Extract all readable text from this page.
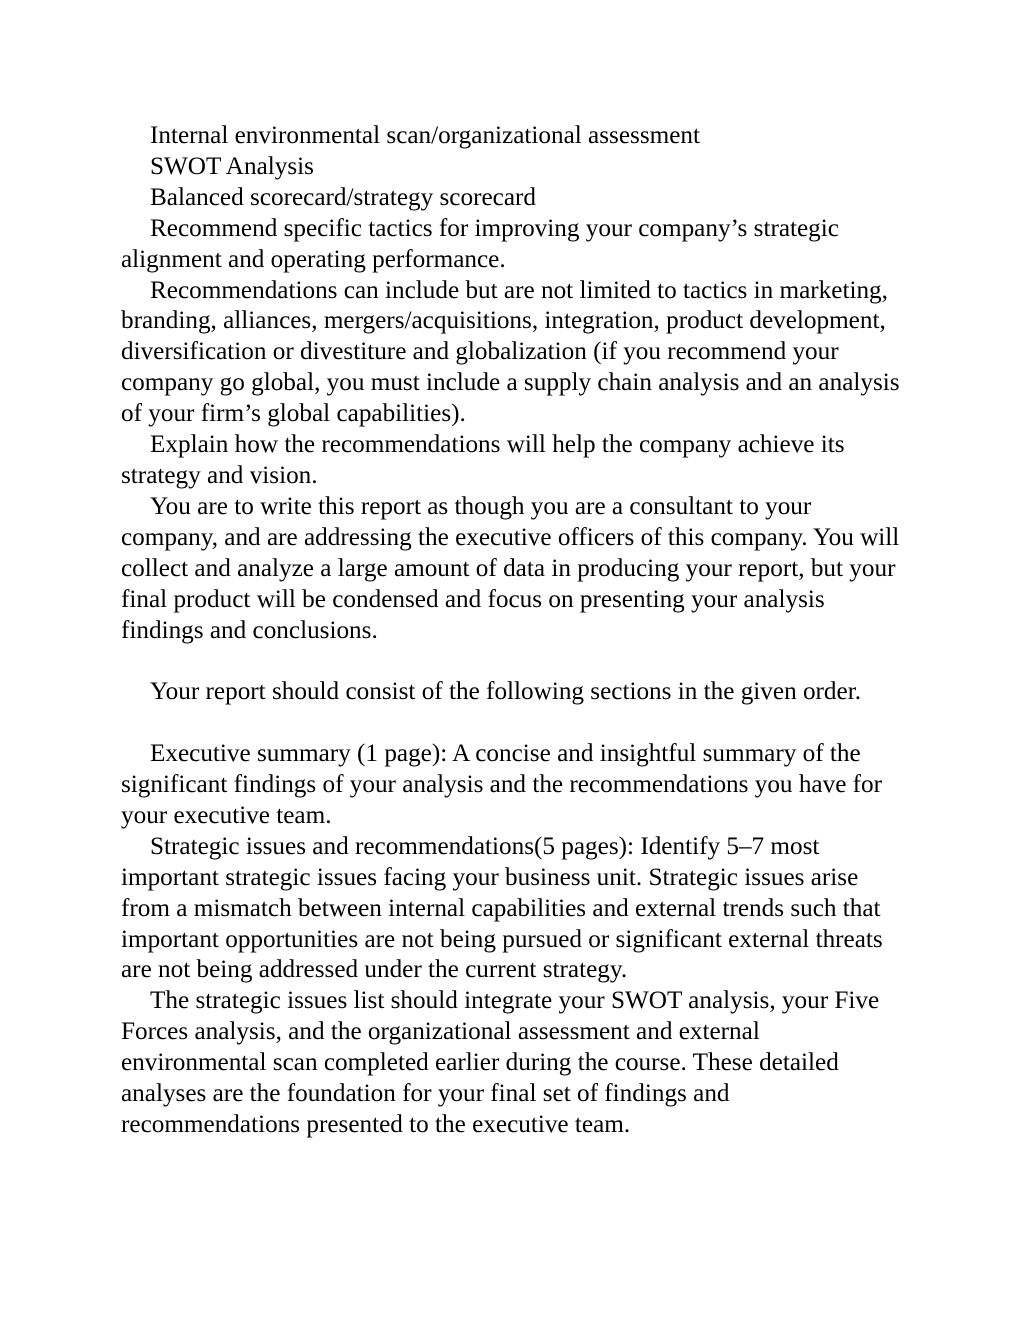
Internal environmental scan/organizational assessment

SWOT Analysis

Balanced scorecard/strategy scorecard

Recommend specific tactics for improving your company’s strategic alignment and operating performance.

Recommendations can include but are not limited to tactics in marketing, branding, alliances, mergers/acquisitions, integration, product development, diversification or divestiture and globalization (if you recommend your company go global, you must include a supply chain analysis and an analysis of your firm’s global capabilities).

Explain how the recommendations will help the company achieve its strategy and vision.

You are to write this report as though you are a consultant to your company, and are addressing the executive officers of this company. You will collect and analyze a large amount of data in producing your report, but your final product will be condensed and focus on presenting your analysis findings and conclusions.

Your report should consist of the following sections in the given order.

Executive summary (1 page): A concise and insightful summary of the significant findings of your analysis and the recommendations you have for your executive team.

Strategic issues and recommendations(5 pages): Identify 5–7 most important strategic issues facing your business unit. Strategic issues arise from a mismatch between internal capabilities and external trends such that important opportunities are not being pursued or significant external threats are not being addressed under the current strategy.

The strategic issues list should integrate your SWOT analysis, your Five Forces analysis, and the organizational assessment and external environmental scan completed earlier during the course. These detailed analyses are the foundation for your final set of findings and recommendations presented to the executive team.
